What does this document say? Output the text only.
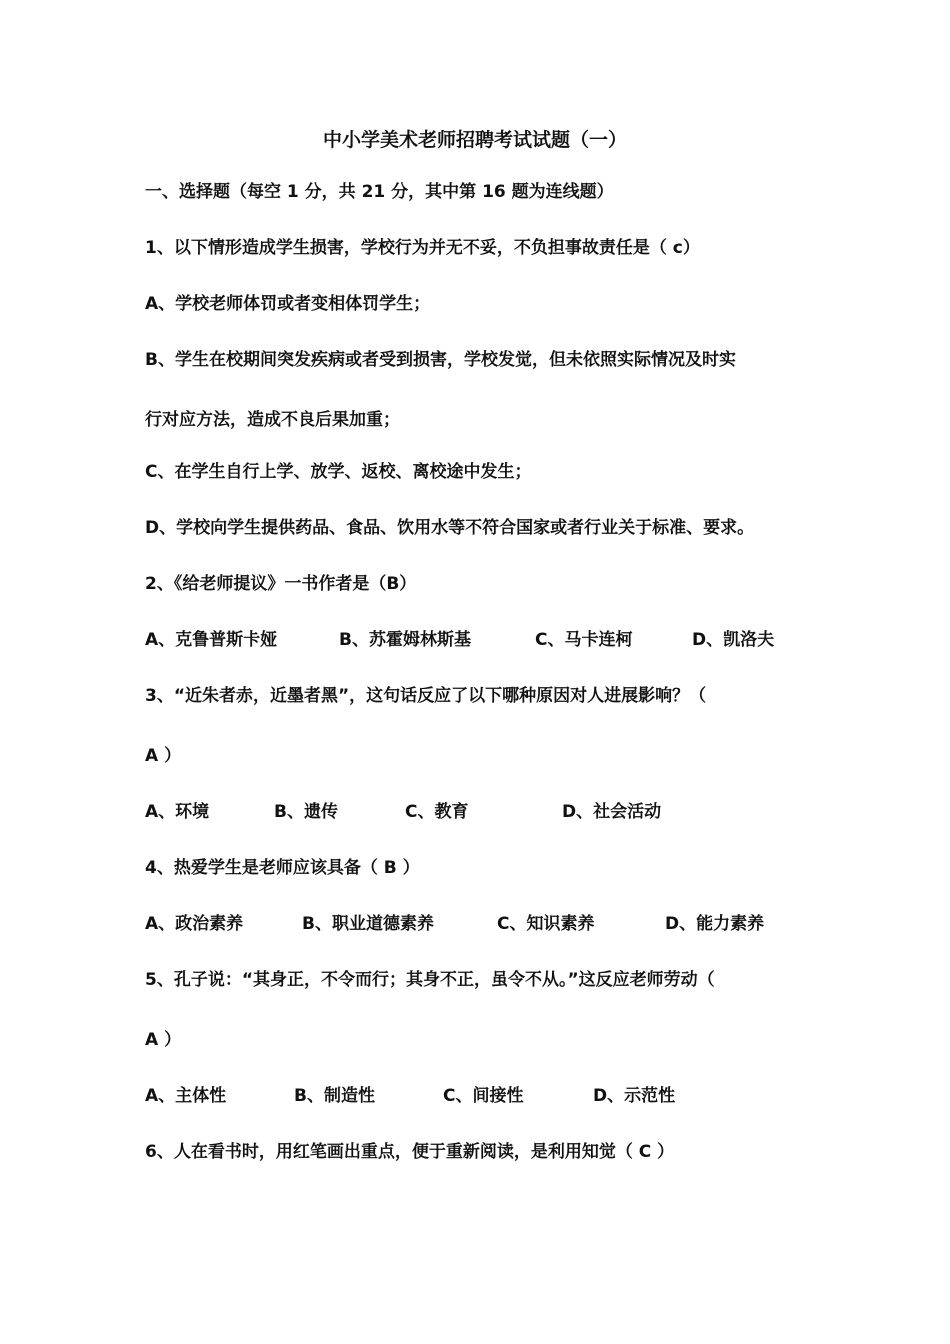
中小学美术老师招聘考试试题（一）
一、选择题（每空 1 分，共 21 分，其中第 16 题为连线题）
1、以下情形造成学生损害，学校行为并无不妥，不负担事故责任是（ c）
A、学校老师体罚或者变相体罚学生；
B、学生在校期间突发疾病或者受到损害，学校发觉，但未依照实际情况及时实
行对应方法，造成不良后果加重；
C、在学生自行上学、放学、返校、离校途中发生；
D、学校向学生提供药品、食品、饮用水等不符合国家或者行业关于标准、要求。
2、《给老师提议》一书作者是（B）
A、克鲁普斯卡娅	B、苏霍姆林斯基	C、马卡连柯	D、凯洛夫
3、“近朱者赤，近墨者黑”，这句话反应了以下哪种原因对人进展影响？（
A ）
A、环境	B、遗传	C、教育	D、社会活动
4、热爱学生是老师应该具备（ B ）
A、政治素养	B、职业道德素养	C、知识素养	D、能力素养
5、孔子说：“其身正，不令而行；其身不正，虽令不从。”这反应老师劳动（
A ）
A、主体性	B、制造性	C、间接性	D、示范性
6、人在看书时，用红笔画出重点，便于重新阅读，是利用知觉（ C ）
